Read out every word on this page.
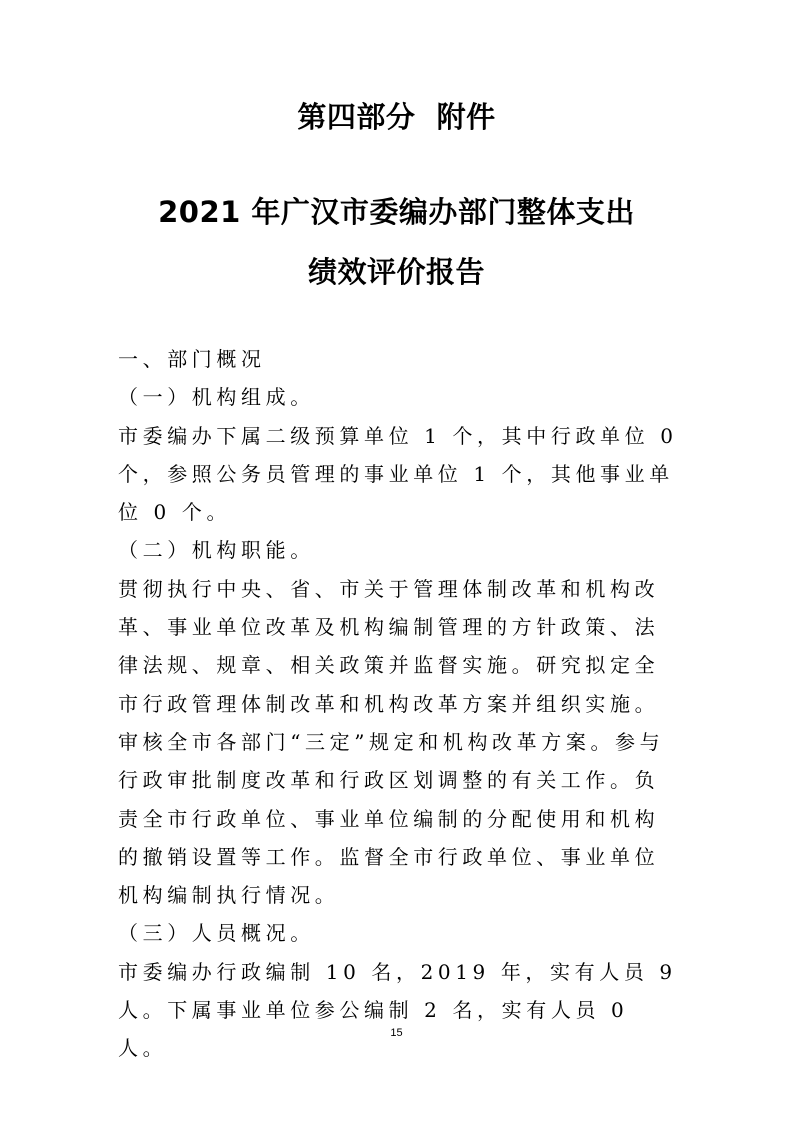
第四部分  附件
2021 年广汉市委编办部门整体支出
绩效评价报告

一、部门概况

（一）机构组成。

市委编办下属二级预算单位 1 个，其中行政单位 0 个，参照公务员管理的事业单位 1 个，其他事业单位 0 个。

（二）机构职能。

贯彻执行中央、省、市关于管理体制改革和机构改革、事业单位改革及机构编制管理的方针政策、法律法规、规章、相关政策并监督实施。研究拟定全市行政管理体制改革和机构改革方案并组织实施。审核全市各部门“三定”规定和机构改革方案。参与行政审批制度改革和行政区划调整的有关工作。负责全市行政单位、事业单位编制的分配使用和机构的撤销设置等工作。监督全市行政单位、事业单位机构编制执行情况。

（三）人员概况。

市委编办行政编制 10 名，2019 年，实有人员 9 人。下属事业单位参公编制 2 名，实有人员 0 人。

15
